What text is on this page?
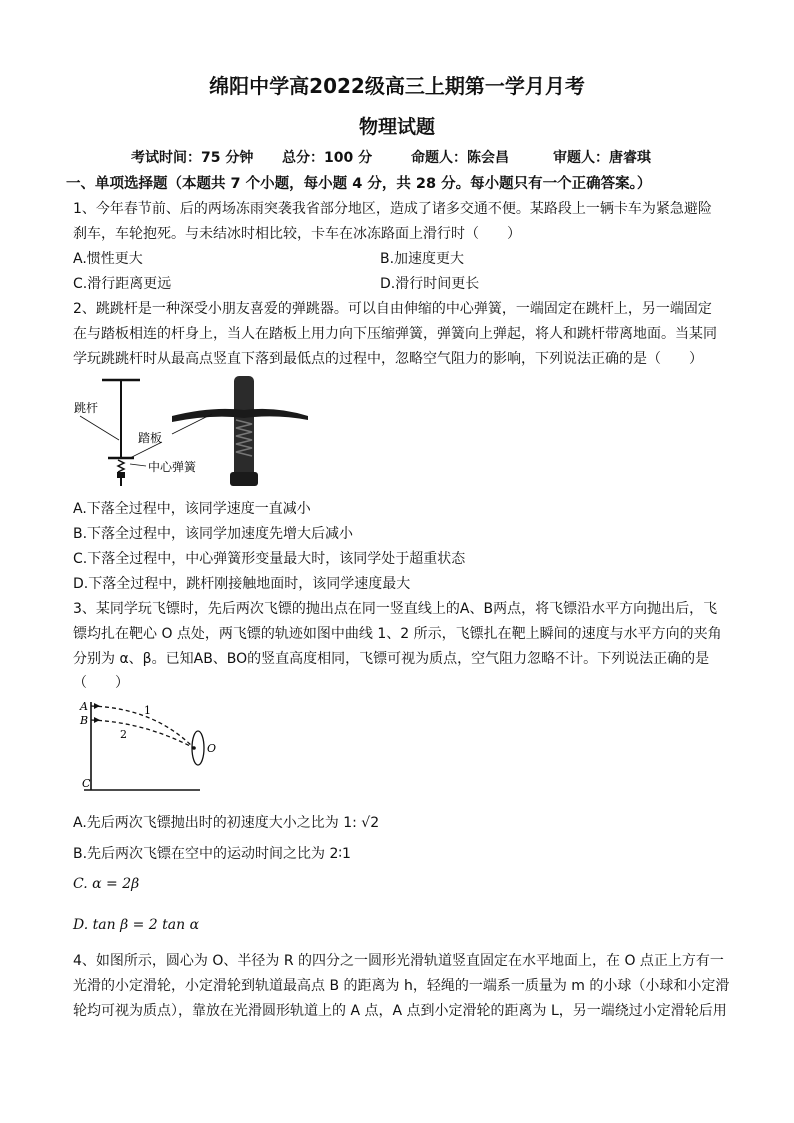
绵阳中学高2022级高三上期第一学月月考
物理试题
考试时间：75 分钟 总分：100 分	命题人：陈会昌	审题人：唐睿琪
一、单项选择题（本题共 7 个小题，每小题 4 分，共 28 分。每小题只有一个正确答案。）
1、今年春节前、后的两场冻雨突袭我省部分地区，造成了诸多交通不便。某路段上一辆卡车为紧急避险
刹车，车轮抱死。与未结冰时相比较，卡车在冰冻路面上滑行时（　　）
A.惯性更大	B.加速度更大
C.滑行距离更远	D.滑行时间更长
2、跳跳杆是一种深受小朋友喜爱的弹跳器。可以自由伸缩的中心弹簧，一端固定在跳杆上，另一端固定
在与踏板相连的杆身上，当人在踏板上用力向下压缩弹簧，弹簧向上弹起，将人和跳杆带离地面。当某同
学玩跳跳杆时从最高点竖直下落到最低点的过程中，忽略空气阻力的影响，下列说法正确的是（　　）
跳杆
踏板
中心弹簧
A.下落全过程中，该同学速度一直减小
B.下落全过程中，该同学加速度先增大后减小
C.下落全过程中，中心弹簧形变量最大时，该同学处于超重状态
D.下落全过程中，跳杆刚接触地面时，该同学速度最大
3、某同学玩飞镖时，先后两次飞镖的抛出点在同一竖直线上的A、B两点，将飞镖沿水平方向抛出后，飞
镖均扎在靶心 O 点处，两飞镖的轨迹如图中曲线 1、2 所示，飞镖扎在靶上瞬间的速度与水平方向的夹角
分别为 α、β。已知AB、BO的竖直高度相同，飞镖可视为质点，空气阻力忽略不计。下列说法正确的是
（　　）
A
B
C
O
1
2
A.先后两次飞镖抛出时的初速度大小之比为 1: √2
B.先后两次飞镖在空中的运动时间之比为 2∶1
C. α = 2β
D. tan β = 2 tan α
4、如图所示，圆心为 O、半径为 R 的四分之一圆形光滑轨道竖直固定在水平地面上，在 O 点正上方有一
光滑的小定滑轮，小定滑轮到轨道最高点 B 的距离为 h，轻绳的一端系一质量为 m 的小球（小球和小定滑
轮均可视为质点），靠放在光滑圆形轨道上的 A 点，A 点到小定滑轮的距离为 L，另一端绕过小定滑轮后用
